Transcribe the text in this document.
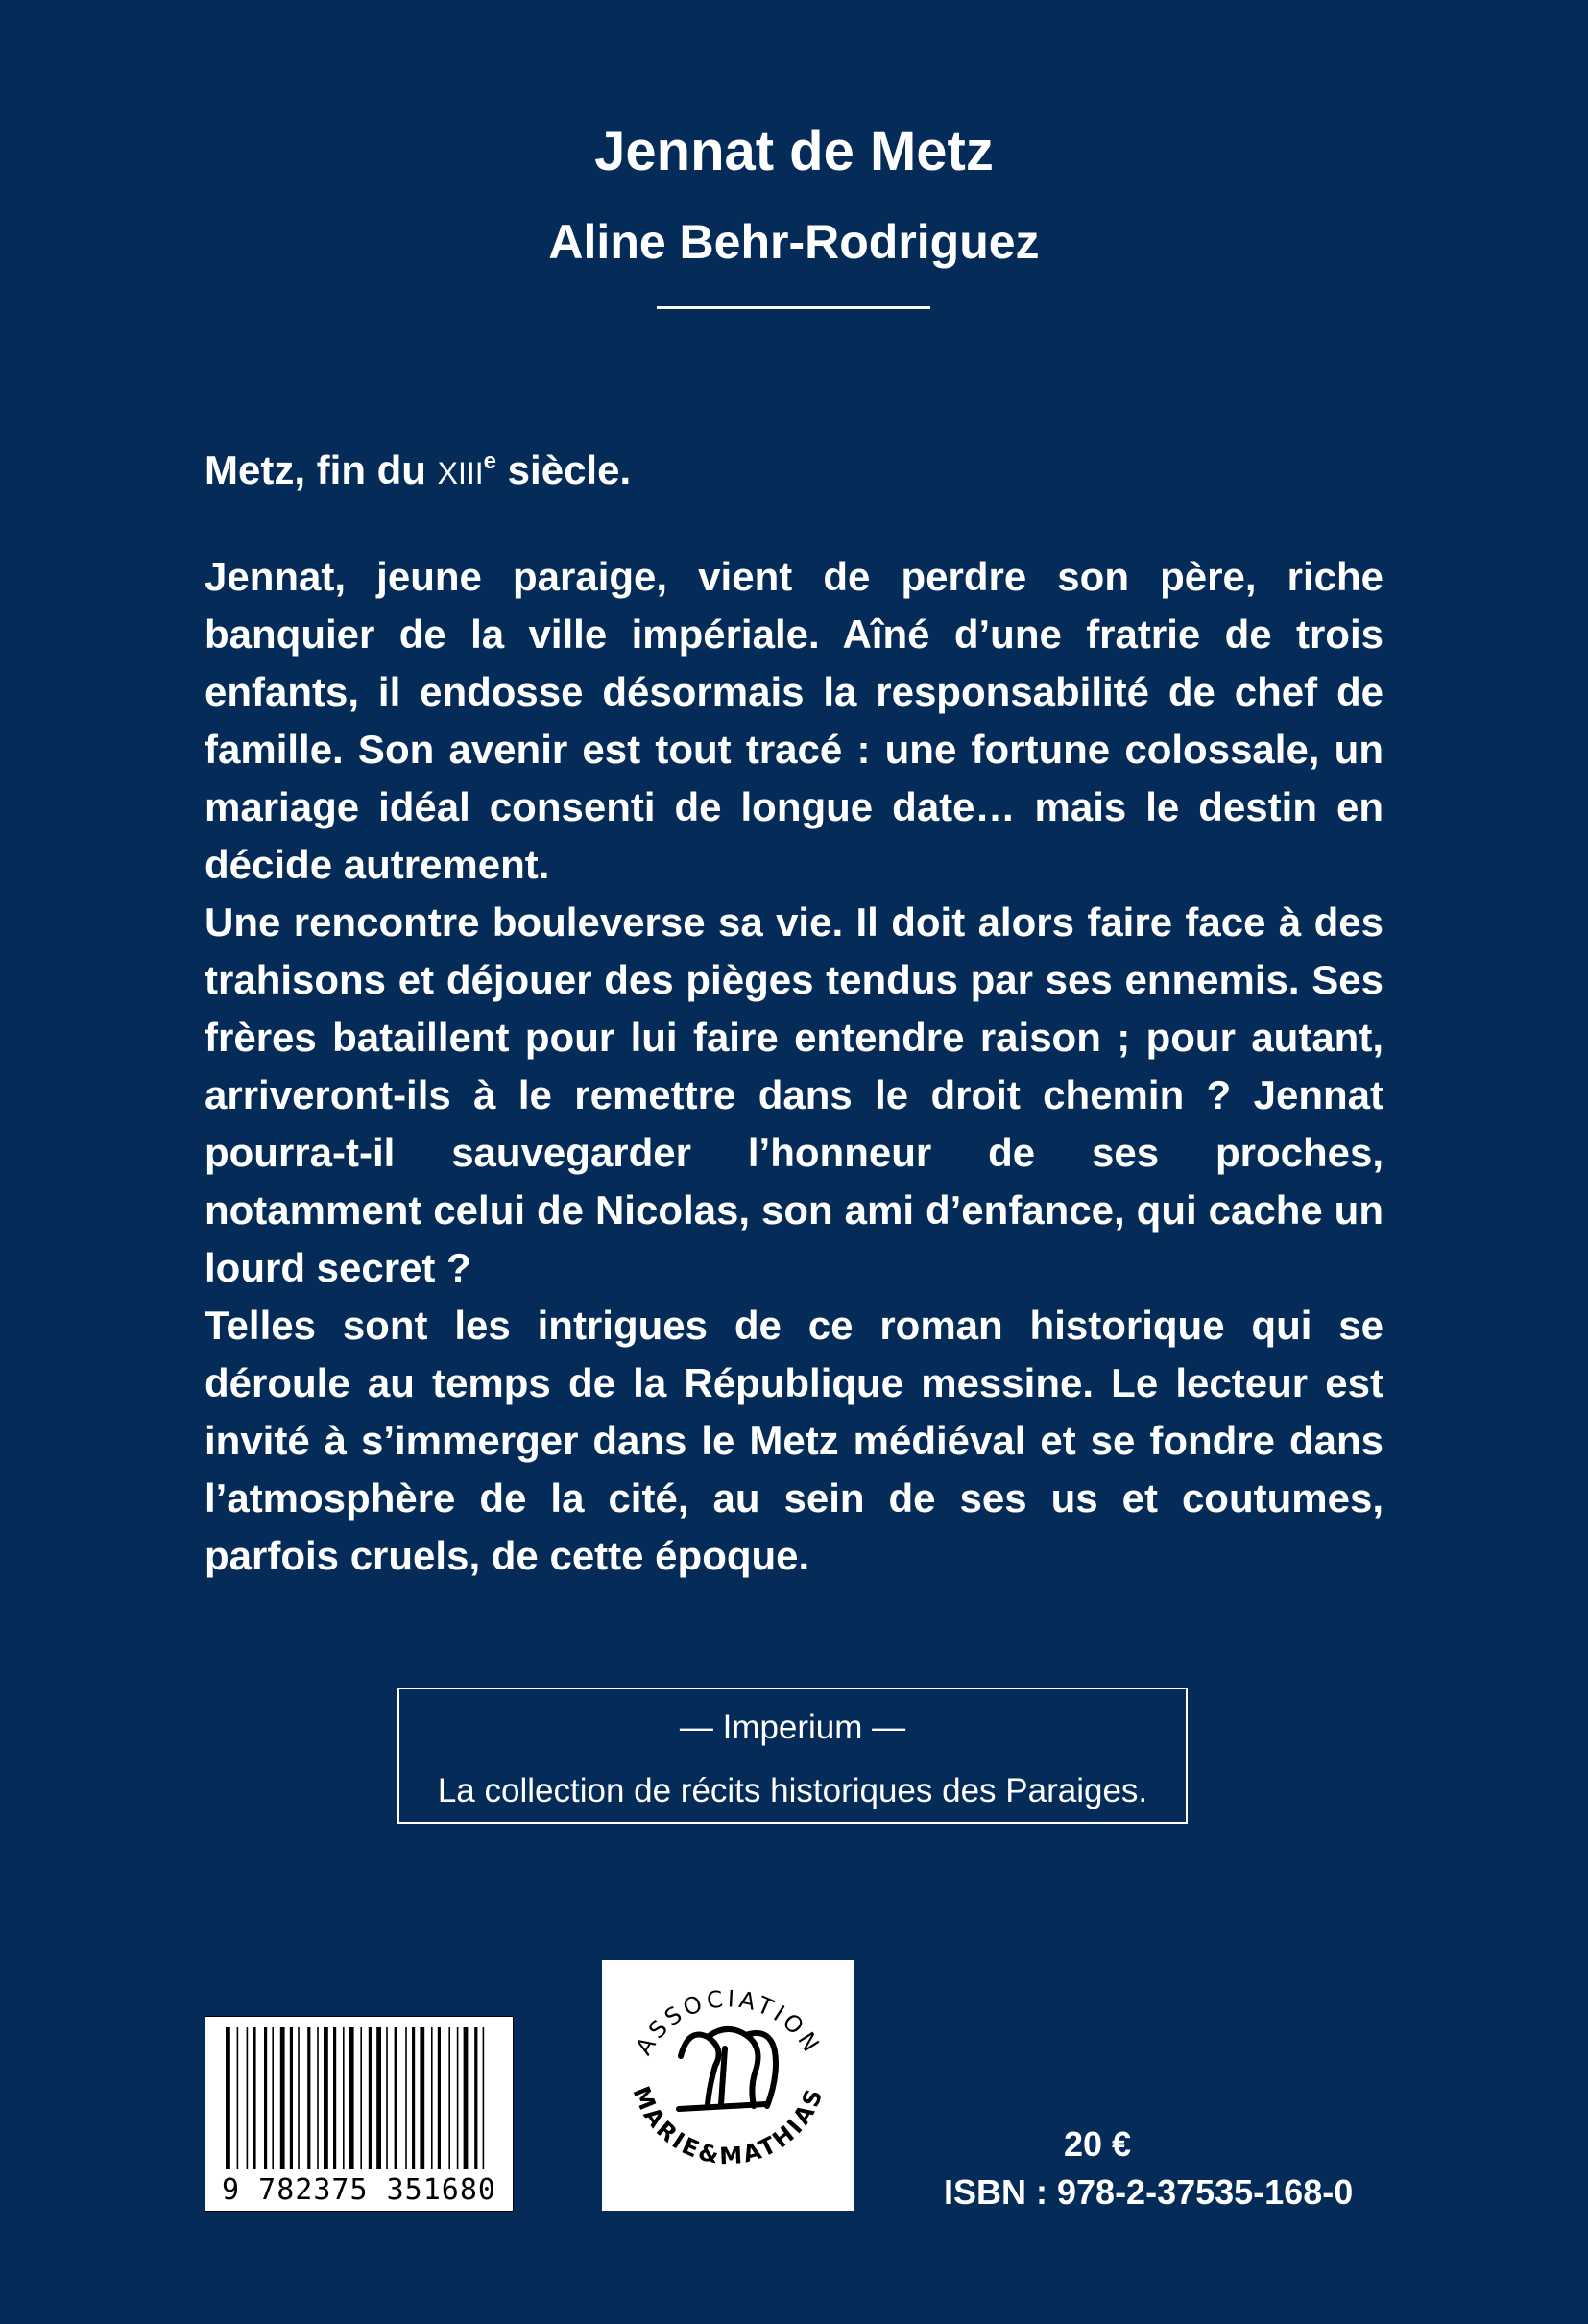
Jennat de Metz
Aline Behr-Rodriguez
Metz, fin du XIIIe siècle.

Jennat, jeune paraige, vient de perdre son père, riche banquier de la ville impériale. Aîné d’une fratrie de trois enfants, il endosse désormais la responsabilité de chef de famille. Son avenir est tout tracé : une fortune colossale, un mariage idéal consenti de longue date… mais le destin en décide autrement.

Une rencontre bouleverse sa vie. Il doit alors faire face à des trahisons et déjouer des pièges tendus par ses ennemis. Ses frères bataillent pour lui faire entendre raison ; pour autant, arriveront-ils à le remettre dans le droit chemin ? Jennat pourra-t-il sauvegarder l’honneur de ses proches, notamment celui de Nicolas, son ami d’enfance, qui cache un lourd secret ?

Telles sont les intrigues de ce roman historique qui se déroule au temps de la République messine. Le lecteur est invité à s’immerger dans le Metz médiéval et se fondre dans l’atmosphère de la cité, au sein de ses us et coutumes, parfois cruels, de cette époque.

— Imperium —
La collection de récits historiques des Paraiges.
9 782375 351680
ASSOCIATION
MARIE&MATHIAS
20 €
ISBN : 978-2-37535-168-0
